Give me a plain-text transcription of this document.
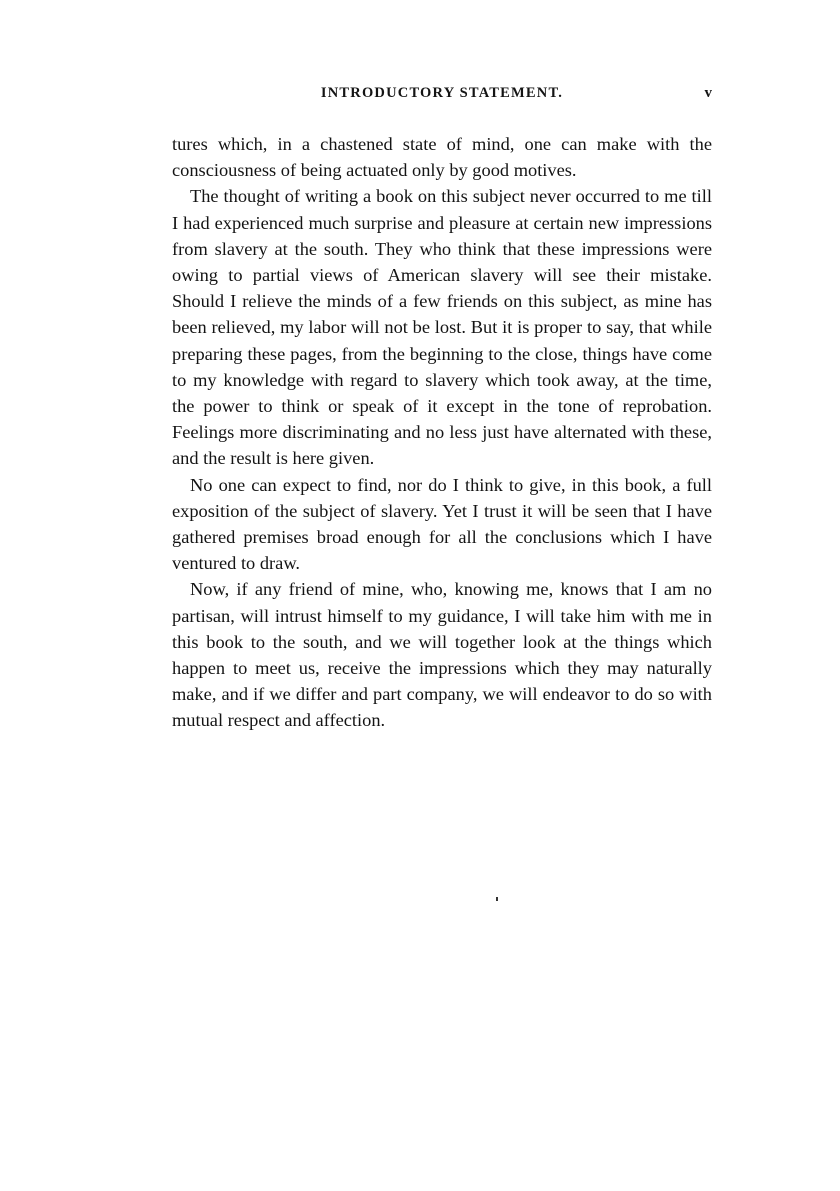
INTRODUCTORY STATEMENT.	v

tures which, in a chastened state of mind, one can make with the consciousness of being actuated only by good motives.

The thought of writing a book on this subject never occurred to me till I had experienced much surprise and pleasure at certain new impressions from slavery at the south. They who think that these impressions were owing to partial views of American slavery will see their mistake. Should I relieve the minds of a few friends on this subject, as mine has been relieved, my labor will not be lost. But it is proper to say, that while preparing these pages, from the beginning to the close, things have come to my knowledge with regard to slavery which took away, at the time, the power to think or speak of it except in the tone of reprobation. Feelings more discriminating and no less just have alternated with these, and the result is here given.

No one can expect to find, nor do I think to give, in this book, a full exposition of the subject of slavery. Yet I trust it will be seen that I have gathered premises broad enough for all the conclusions which I have ventured to draw.

Now, if any friend of mine, who, knowing me, knows that I am no partisan, will intrust himself to my guidance, I will take him with me in this book to the south, and we will together look at the things which happen to meet us, receive the impressions which they may naturally make, and if we differ and part company, we will endeavor to do so with mutual respect and affection.
